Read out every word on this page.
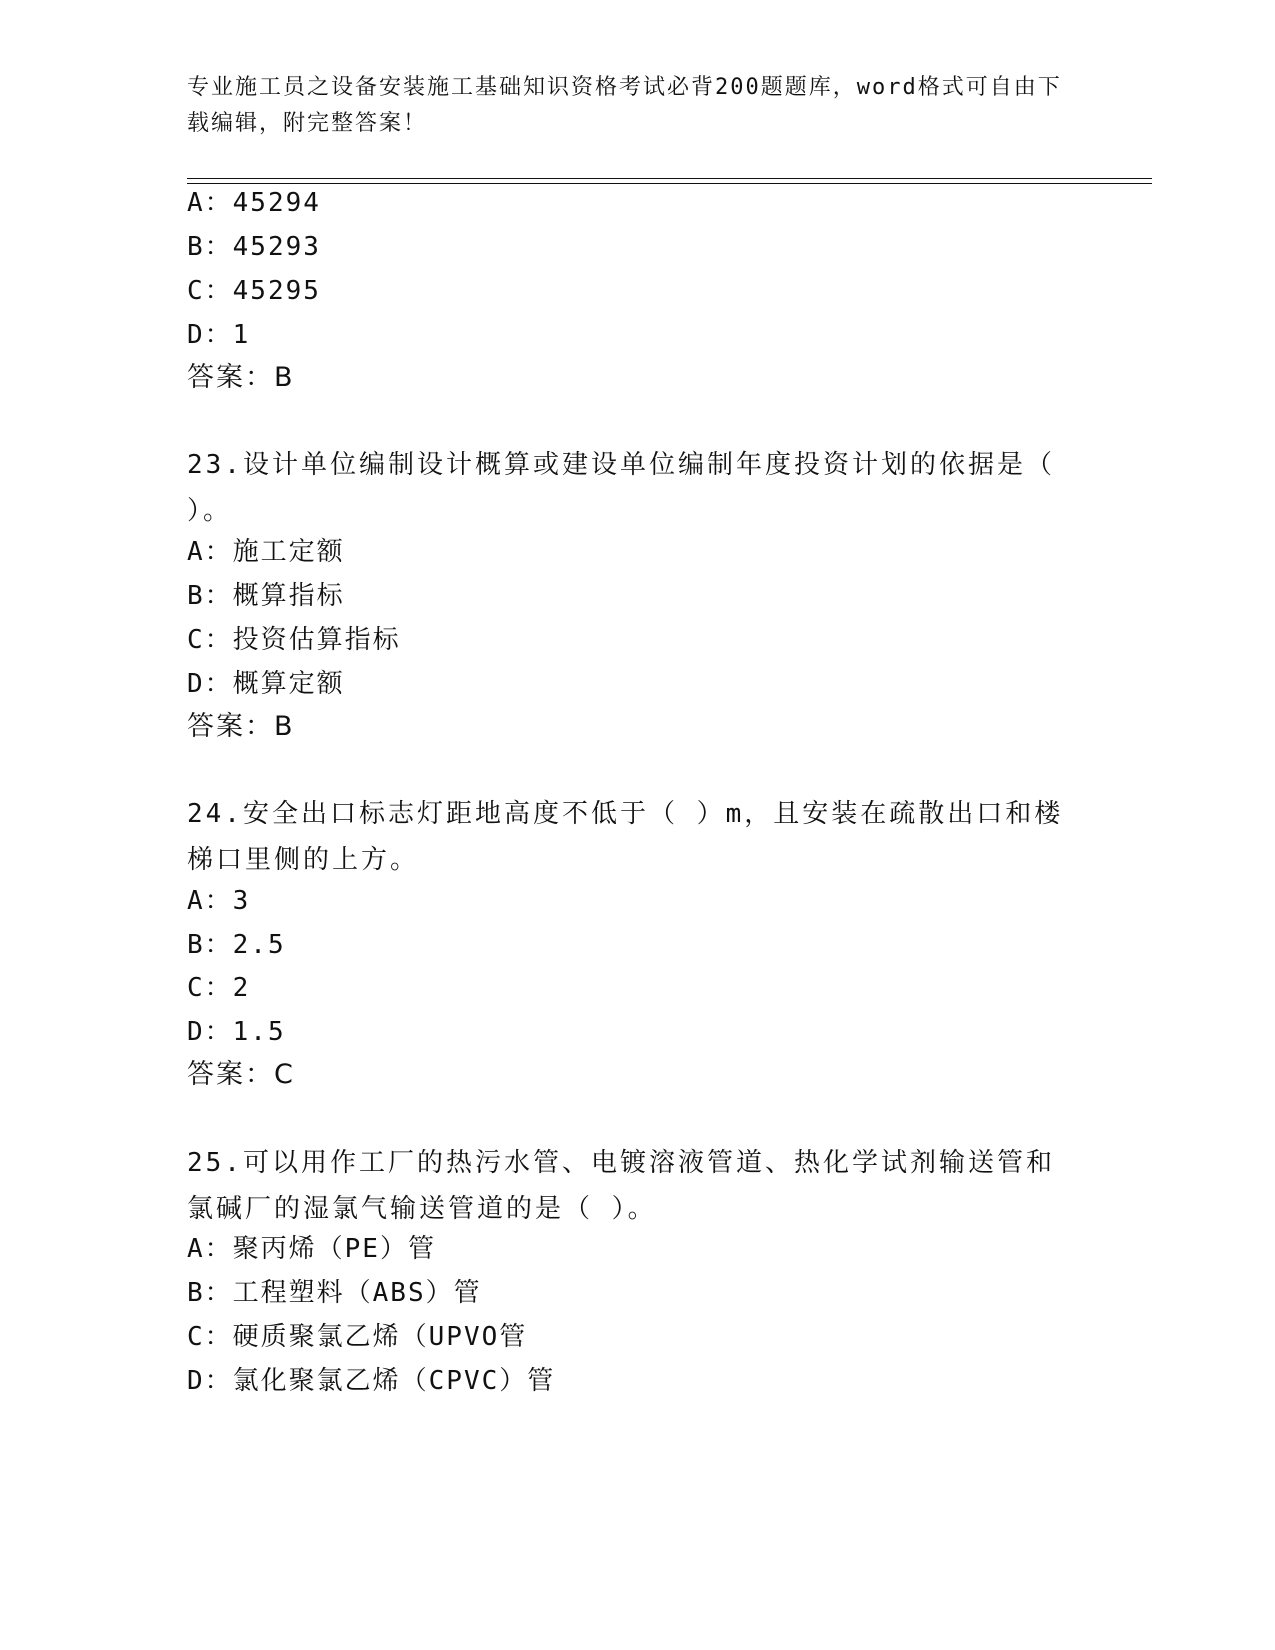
专业施工员之设备安装施工基础知识资格考试必背200题题库，word格式可自由下载编辑，附完整答案！
A：45294
B：45293
C：45295
D：1
答案：B
23.设计单位编制设计概算或建设单位编制年度投资计划的依据是（ ）。
A：施工定额
B：概算指标
C：投资估算指标
D：概算定额
答案：B
24.安全出口标志灯距地高度不低于（ ）m，且安装在疏散出口和楼梯口里侧的上方。
A：3
B：2.5
C：2
D：1.5
答案：C
25.可以用作工厂的热污水管、电镀溶液管道、热化学试剂输送管和氯碱厂的湿氯气输送管道的是（ ）。
A：聚丙烯（PE）管
B：工程塑料（ABS）管
C：硬质聚氯乙烯（UPVO管
D：氯化聚氯乙烯（CPVC）管
